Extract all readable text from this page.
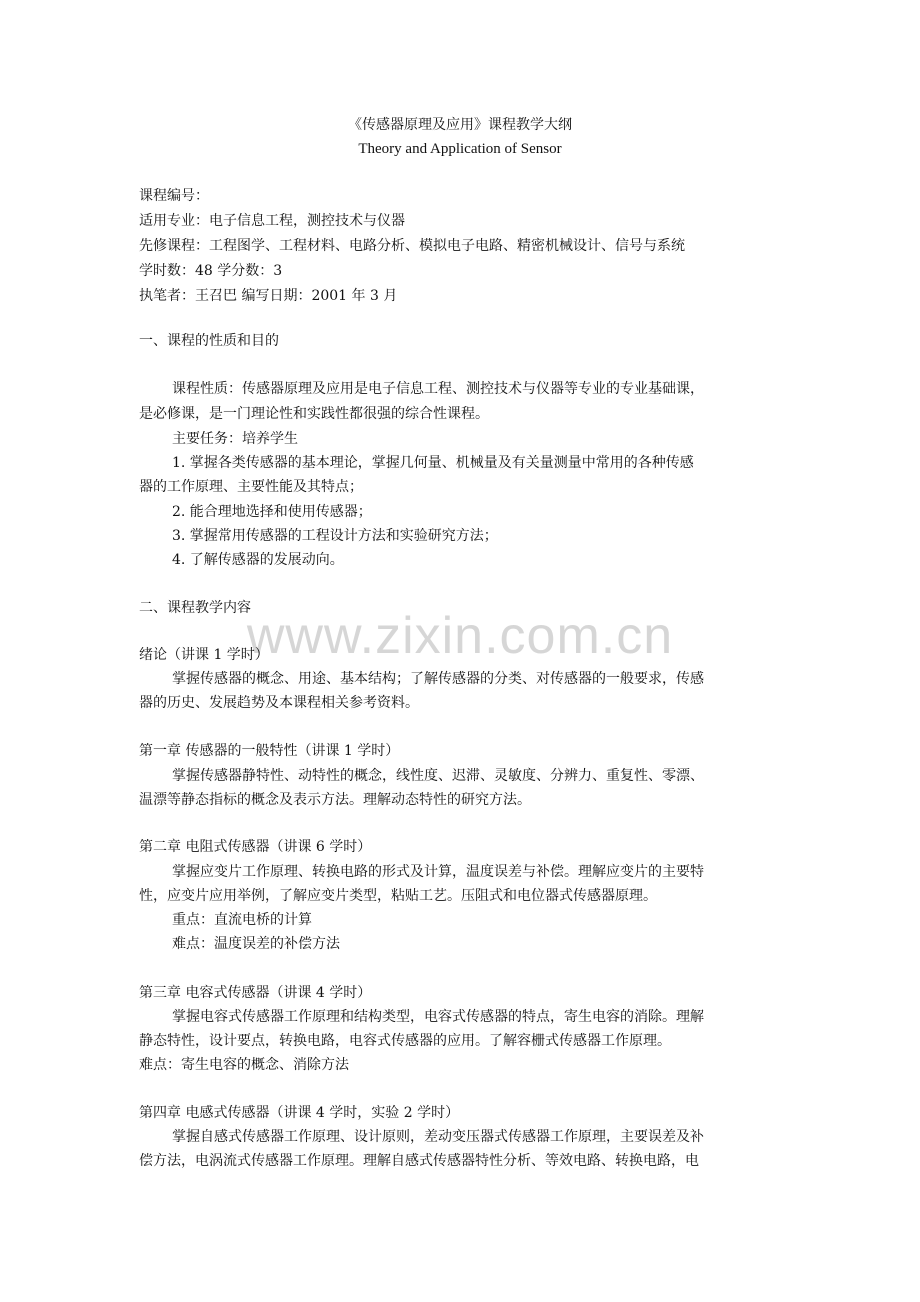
《传感器原理及应用》课程教学大纲
Theory and Application of Sensor
课程编号：
适用专业：电子信息工程，测控技术与仪器
先修课程：工程图学、工程材料、电路分析、模拟电子电路、精密机械设计、信号与系统
学时数：48 学分数：3
执笔者：王召巴 编写日期：2001 年 3 月
一、课程的性质和目的
课程性质：传感器原理及应用是电子信息工程、测控技术与仪器等专业的专业基础课，
是必修课，是一门理论性和实践性都很强的综合性课程。
主要任务：培养学生
1. 掌握各类传感器的基本理论，掌握几何量、机械量及有关量测量中常用的各种传感
器的工作原理、主要性能及其特点；
2. 能合理地选择和使用传感器；
3. 掌握常用传感器的工程设计方法和实验研究方法；
4. 了解传感器的发展动向。
二、课程教学内容
www.zixin.com.cn
绪论（讲课 1 学时）
掌握传感器的概念、用途、基本结构；了解传感器的分类、对传感器的一般要求，传感
器的历史、发展趋势及本课程相关参考资料。
第一章 传感器的一般特性（讲课 1 学时）
掌握传感器静特性、动特性的概念，线性度、迟滞、灵敏度、分辨力、重复性、零漂、
温漂等静态指标的概念及表示方法。理解动态特性的研究方法。
第二章 电阻式传感器（讲课 6 学时）
掌握应变片工作原理、转换电路的形式及计算，温度误差与补偿。理解应变片的主要特
性，应变片应用举例，了解应变片类型，粘贴工艺。压阻式和电位器式传感器原理。
重点：直流电桥的计算
难点：温度误差的补偿方法
第三章 电容式传感器（讲课 4 学时）
掌握电容式传感器工作原理和结构类型，电容式传感器的特点，寄生电容的消除。理解
静态特性，设计要点，转换电路，电容式传感器的应用。了解容栅式传感器工作原理。
难点：寄生电容的概念、消除方法
第四章 电感式传感器（讲课 4 学时，实验 2 学时）
掌握自感式传感器工作原理、设计原则，差动变压器式传感器工作原理，主要误差及补
偿方法，电涡流式传感器工作原理。理解自感式传感器特性分析、等效电路、转换电路，电
